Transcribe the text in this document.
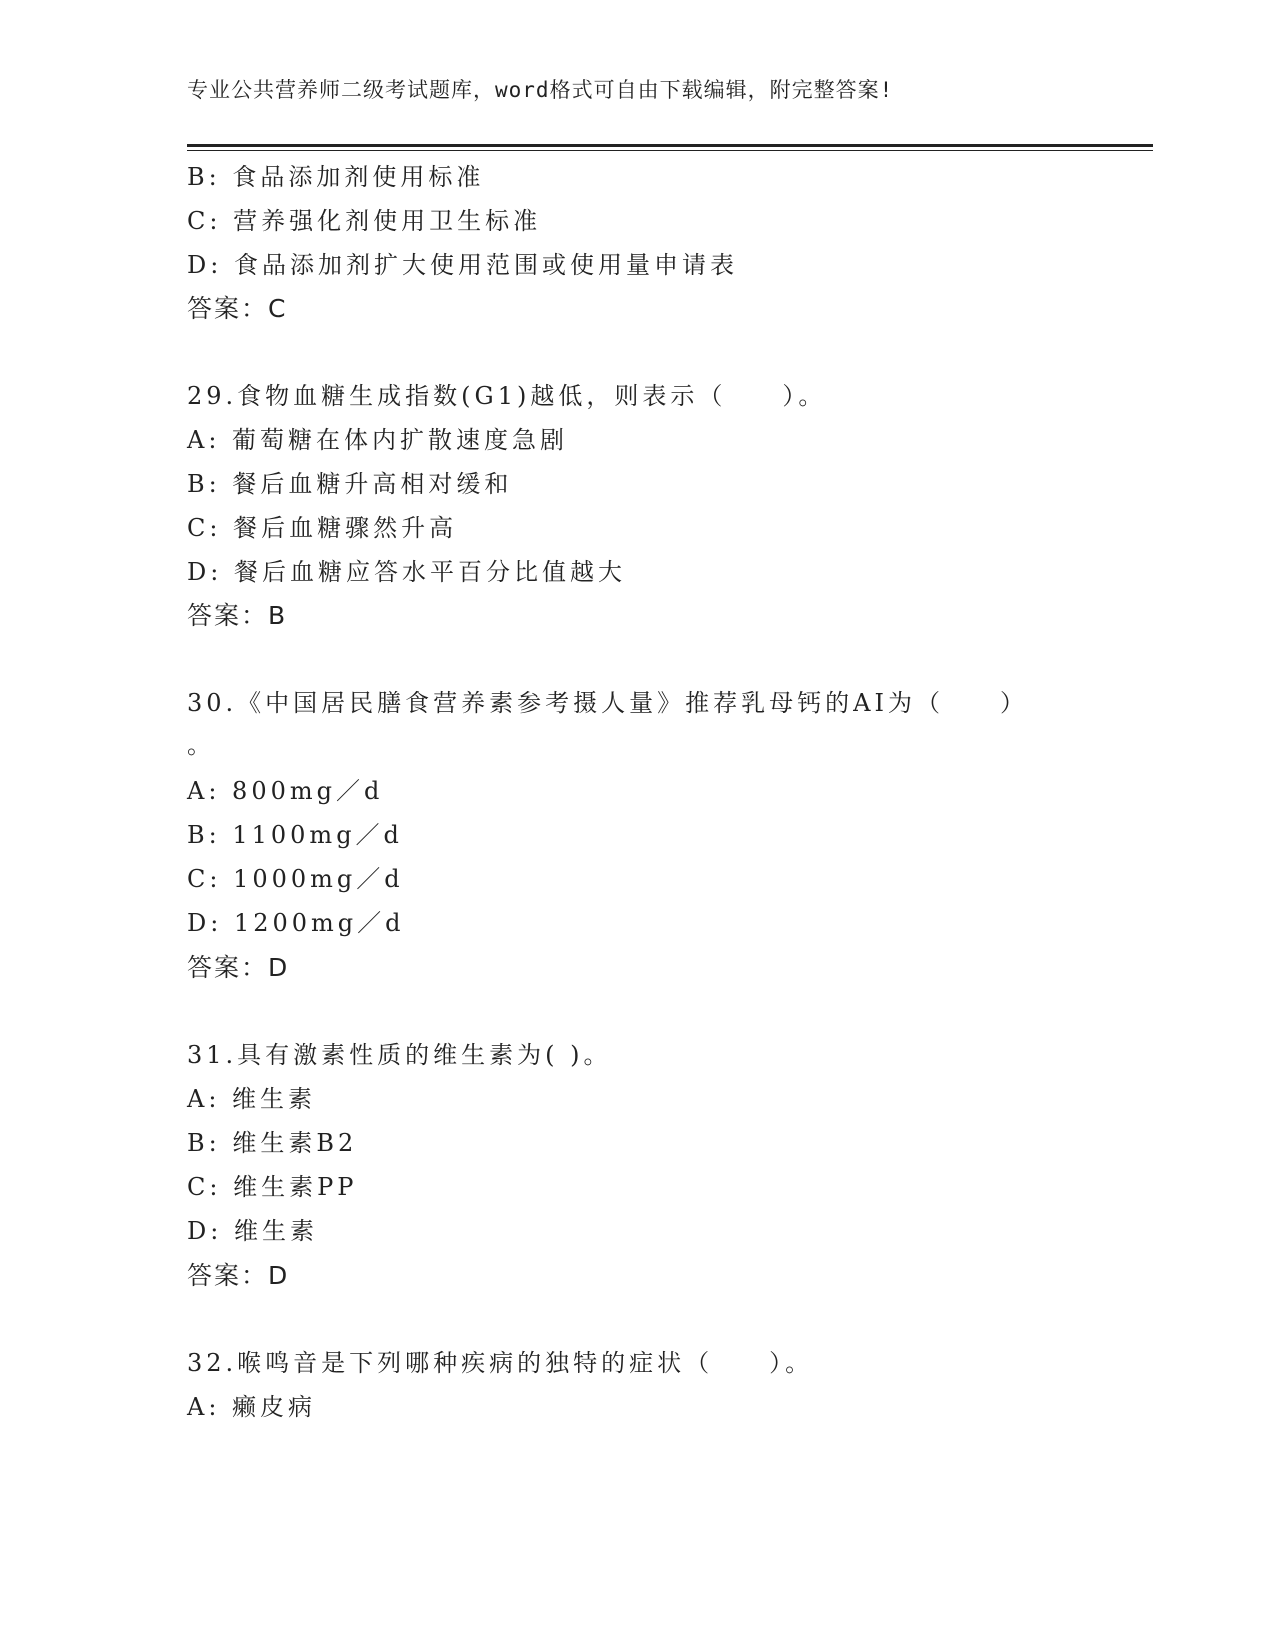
专业公共营养师二级考试题库，word格式可自由下载编辑，附完整答案!
B: 食品添加剂使用标准
C: 营养强化剂使用卫生标准
D: 食品添加剂扩大使用范围或使用量申请表
答案：C
29.食物血糖生成指数(G1)越低，则表示（　　）。
A: 葡萄糖在体内扩散速度急剧
B: 餐后血糖升高相对缓和
C: 餐后血糖骤然升高
D: 餐后血糖应答水平百分比值越大
答案：B
30.《中国居民膳食营养素参考摄人量》推荐乳母钙的AI为（　　）
。
A: 800mg／d
B: 1100mg／d
C: 1000mg／d
D: 1200mg／d
答案：D
31.具有激素性质的维生素为( )。
A: 维生素
B: 维生素B2
C: 维生素PP
D: 维生素
答案：D
32.喉鸣音是下列哪种疾病的独特的症状（　　）。
A: 癞皮病
